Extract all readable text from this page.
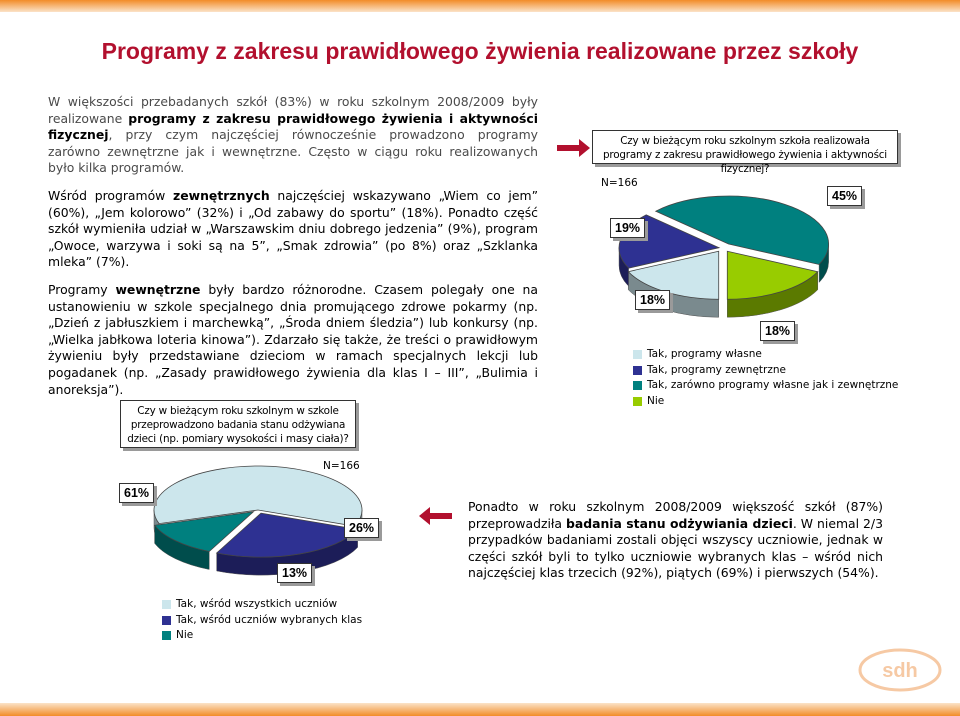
Programy z zakresu prawidłowego żywienia realizowane przez szkoły

W większości przebadanych szkół (83%) w roku szkolnym 2008/2009 były realizowane programy z zakresu prawidłowego żywienia i aktywności fizycznej, przy czym najczęściej równocześnie prowadzono programy zarówno zewnętrzne jak i wewnętrzne. Często w ciągu roku realizowanych było kilka programów.

Wśród programów zewnętrznych najczęściej wskazywano „Wiem co jem” (60%), „Jem kolorowo” (32%) i „Od zabawy do sportu” (18%). Ponadto część szkół wymieniła udział w „Warszawskim dniu dobrego jedzenia” (9%), program „Owoce, warzywa i soki są na 5”, „Smak zdrowia” (po 8%) oraz „Szklanka mleka” (7%).

Programy wewnętrzne były bardzo różnorodne. Czasem polegały one na ustanowieniu w szkole specjalnego dnia promującego zdrowe pokarmy (np. „Dzień z jabłuszkiem i marchewką”, „Środa dniem śledzia”) lub konkursy (np. „Wielka jabłkowa loteria kinowa”). Zdarzało się także, że treści o prawidłowym żywieniu były przedstawiane dzieciom w ramach specjalnych lekcji lub pogadanek (np. „Zasady prawidłowego żywienia dla klas I – III”, „Bulimia i anoreksja”).

Ponadto w roku szkolnym 2008/2009 większość szkół (87%) przeprowadziła badania stanu odżywiania dzieci. W niemal 2/3 przypadków badaniami zostali objęci wszyscy uczniowie, jednak w części szkół byli to tylko uczniowie wybranych klas – wśród nich najczęściej klas trzecich (92%), piątych (69%) i pierwszych (54%).

Czy w bieżącym roku szkolnym szkoła realizowała programy z zakresu prawidłowego żywienia i aktywności fizycznej?
N=166
19%
45%
18%
18%
Tak, programy własne
Tak, programy zewnętrzne
Tak, zarówno programy własne jak i zewnętrzne
Nie
Czy w bieżącym roku szkolnym w szkole przeprowadzono badania stanu odżywiana dzieci (np. pomiary wysokości i masy ciała)?
N=166
61%
26%
13%
Tak, wśród wszystkich uczniów
Tak, wśród uczniów wybranych klas
Nie
sdh
